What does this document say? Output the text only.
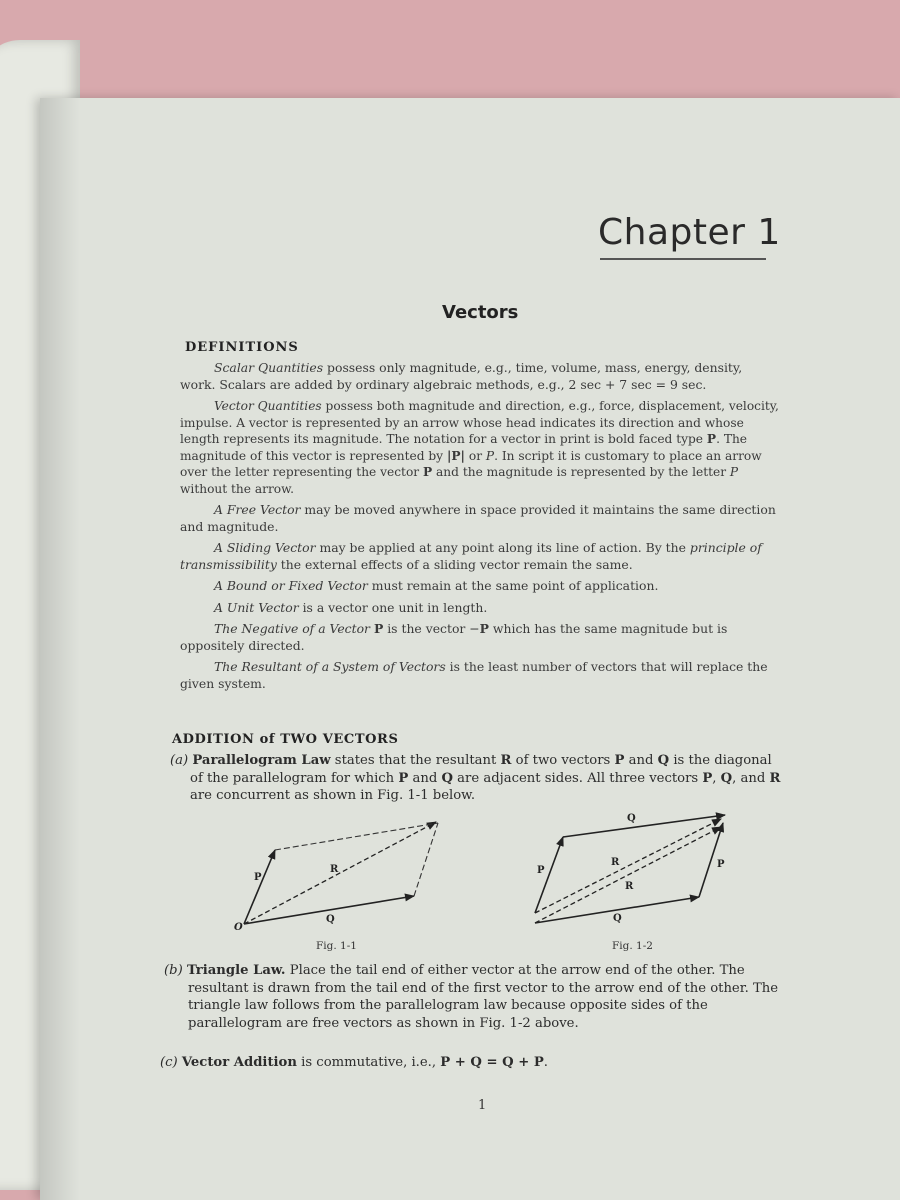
Chapter 1
Vectors
DEFINITIONS

Scalar Quantities possess only magnitude, e.g., time, volume, mass, energy, density, work. Scalars are added by ordinary algebraic methods, e.g., 2 sec + 7 sec = 9 sec.

Vector Quantities possess both magnitude and direction, e.g., force, displacement, velocity, impulse. A vector is represented by an arrow whose head indicates its direction and whose length represents its magnitude. The notation for a vector in print is bold faced type P. The magnitude of this vector is represented by |P| or P. In script it is customary to place an arrow over the letter representing the vector P and the magnitude is represented by the letter P without the arrow.

A Free Vector may be moved anywhere in space provided it maintains the same direction and magnitude.

A Sliding Vector may be applied at any point along its line of action. By the principle of transmissibility the external effects of a sliding vector remain the same.

A Bound or Fixed Vector must remain at the same point of application.

A Unit Vector is a vector one unit in length.

The Negative of a Vector P is the vector −P which has the same magnitude but is oppositely directed.

The Resultant of a System of Vectors is the least number of vectors that will replace the given system.

ADDITION of TWO VECTORS

(a) Parallelogram Law states that the resultant R of two vectors P and Q is the diagonal of the parallelogram for which P and Q are adjacent sides. All three vectors P, Q, and R are concurrent as shown in Fig. 1-1 below.

P
Q
R
O
Fig. 1-1
Q
Q
P
P
R
R
Fig. 1-2

(b) Triangle Law. Place the tail end of either vector at the arrow end of the other. The resultant is drawn from the tail end of the first vector to the arrow end of the other. The triangle law follows from the parallelogram law because opposite sides of the parallelogram are free vectors as shown in Fig. 1-2 above.

(c) Vector Addition is commutative, i.e., P + Q = Q + P.

1
